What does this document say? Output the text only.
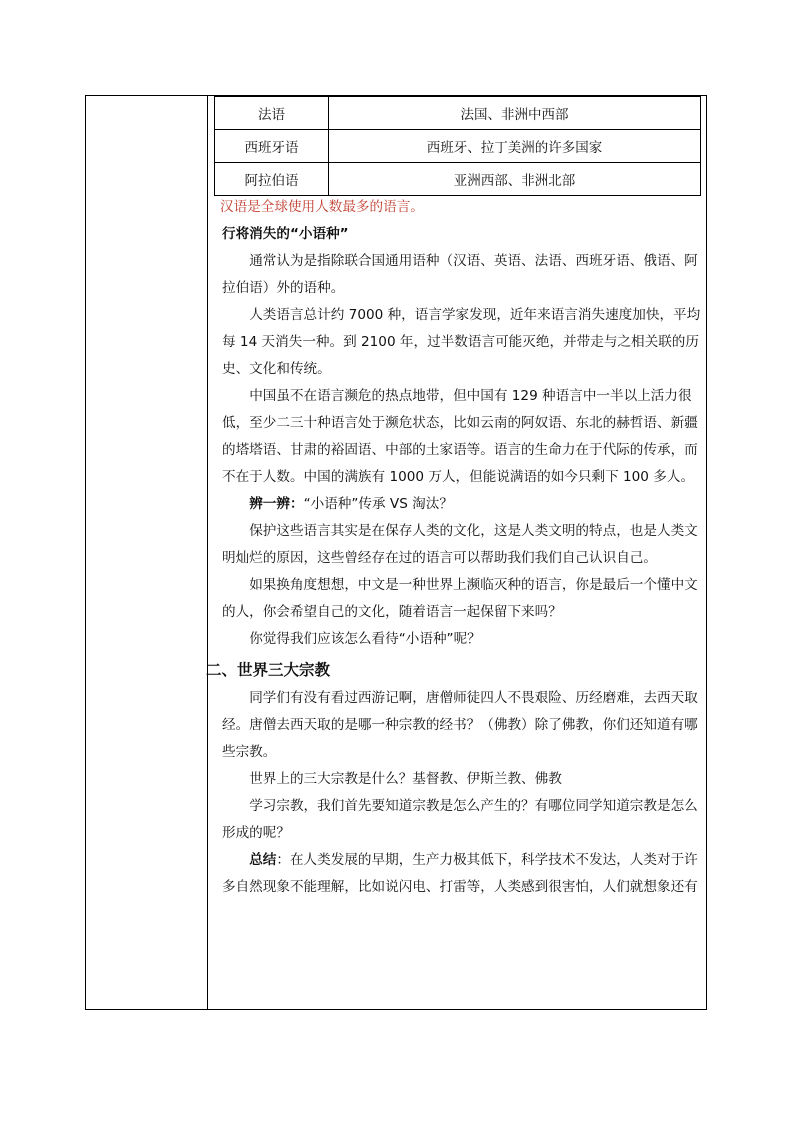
法语	法国、非洲中西部
西班牙语	西班牙、拉丁美洲的许多国家
阿拉伯语	亚洲西部、非洲北部

汉语是全球使用人数最多的语言。

行将消失的“小语种”

通常认为是指除联合国通用语种（汉语、英语、法语、西班牙语、俄语、阿拉伯语）外的语种。

人类语言总计约 7000 种，语言学家发现，近年来语言消失速度加快，平均每 14 天消失一种。到 2100 年，过半数语言可能灭绝，并带走与之相关联的历史、文化和传统。

中国虽不在语言濒危的热点地带，但中国有 129 种语言中一半以上活力很低，至少二三十种语言处于濒危状态，比如云南的阿奴语、东北的赫哲语、新疆的塔塔语、甘肃的裕固语、中部的土家语等。语言的生命力在于代际的传承，而不在于人数。中国的满族有 1000 万人，但能说满语的如今只剩下 100 多人。

辨一辨：“小语种”传承 VS 淘汰？

保护这些语言其实是在保存人类的文化，这是人类文明的特点，也是人类文明灿烂的原因，这些曾经存在过的语言可以帮助我们我们自己认识自己。

如果换角度想想，中文是一种世界上濒临灭种的语言，你是最后一个懂中文的人，你会希望自己的文化，随着语言一起保留下来吗？

你觉得我们应该怎么看待“小语种”呢？

二、世界三大宗教

同学们有没有看过西游记啊，唐僧师徒四人不畏艰险、历经磨难，去西天取经。唐僧去西天取的是哪一种宗教的经书？（佛教）除了佛教，你们还知道有哪些宗教。

世界上的三大宗教是什么？基督教、伊斯兰教、佛教

学习宗教，我们首先要知道宗教是怎么产生的？有哪位同学知道宗教是怎么形成的呢？

总结：在人类发展的早期，生产力极其低下，科学技术不发达，人类对于许多自然现象不能理解，比如说闪电、打雷等，人类感到很害怕，人们就想象还有
